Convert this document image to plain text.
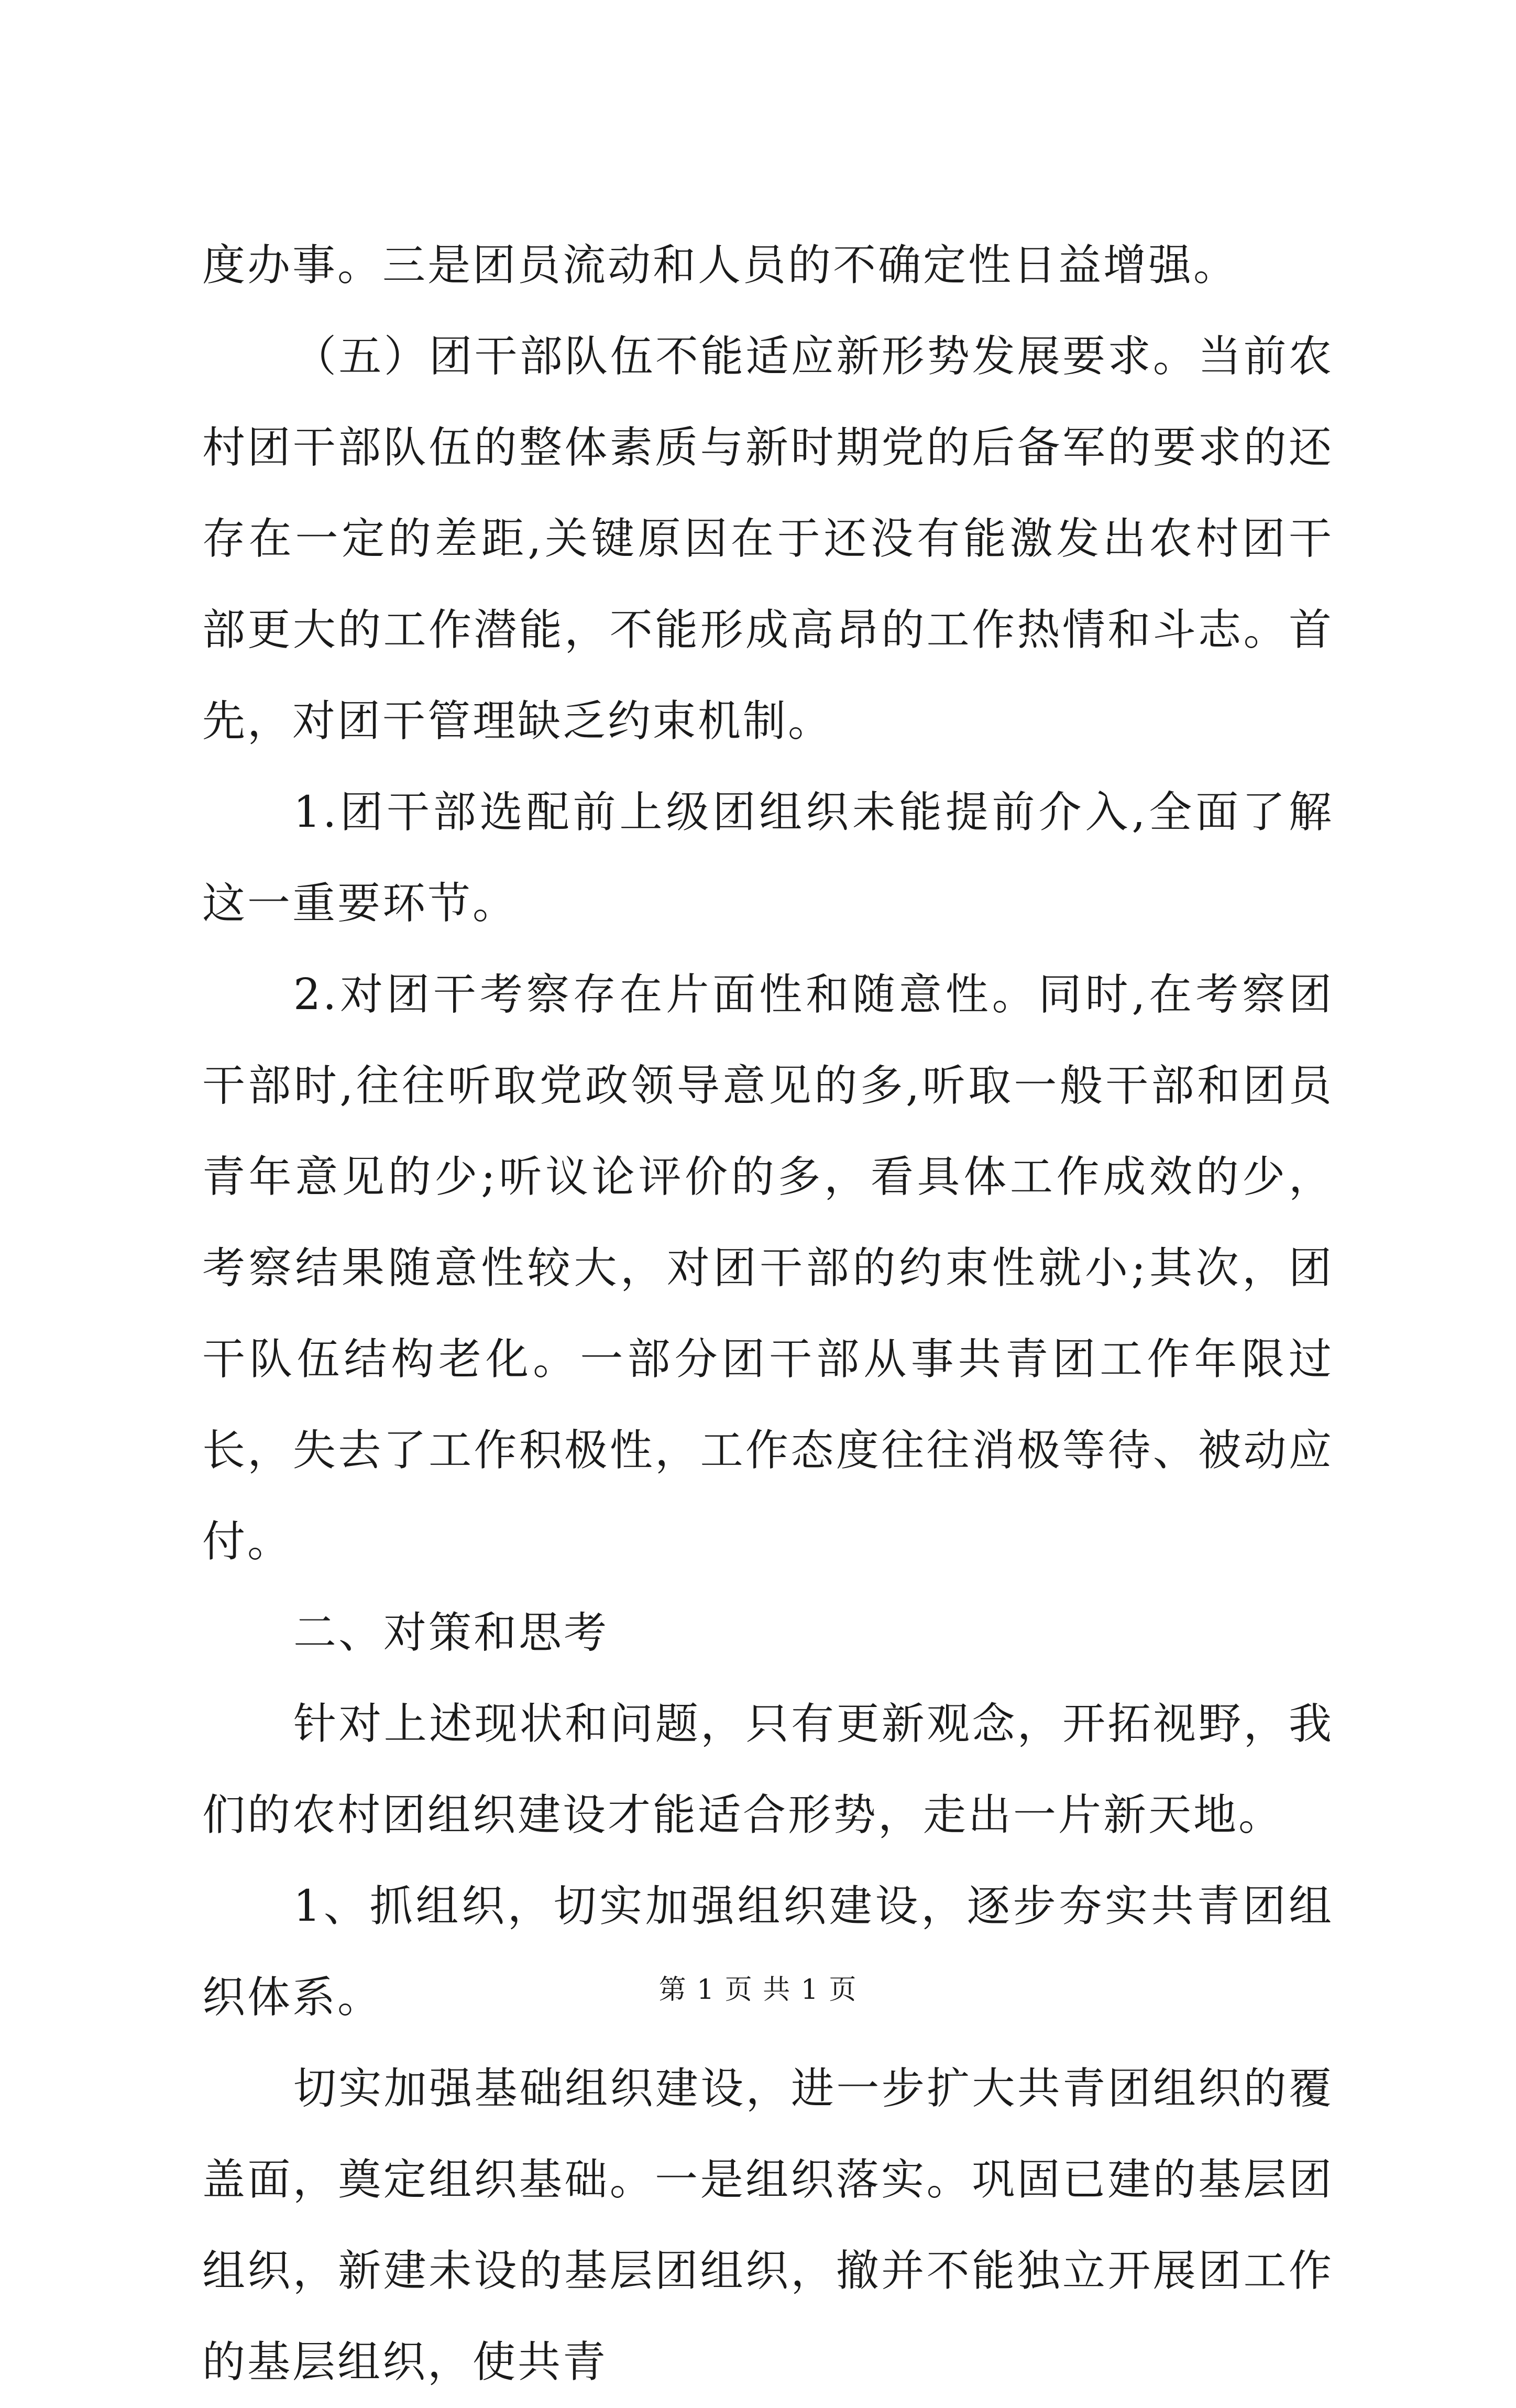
度办事。三是团员流动和人员的不确定性日益增强。

（五）团干部队伍不能适应新形势发展要求。当前农村团干部队伍的整体素质与新时期党的后备军的要求的还存在一定的差距,关键原因在于还没有能激发出农村团干部更大的工作潜能，不能形成高昂的工作热情和斗志。首先，对团干管理缺乏约束机制。

1.团干部选配前上级团组织未能提前介入,全面了解这一重要环节。

2.对团干考察存在片面性和随意性。同时,在考察团干部时,往往听取党政领导意见的多,听取一般干部和团员青年意见的少;听议论评价的多，看具体工作成效的少，考察结果随意性较大，对团干部的约束性就小;其次，团干队伍结构老化。一部分团干部从事共青团工作年限过长，失去了工作积极性，工作态度往往消极等待、被动应付。

二、对策和思考

针对上述现状和问题，只有更新观念，开拓视野，我们的农村团组织建设才能适合形势，走出一片新天地。

1、抓组织，切实加强组织建设，逐步夯实共青团组织体系。

切实加强基础组织建设，进一步扩大共青团组织的覆盖面，奠定组织基础。一是组织落实。巩固已建的基层团组织，新建未设的基层团组织，撤并不能独立开展团工作的基层组织，使共青

第 1 页 共 1 页
